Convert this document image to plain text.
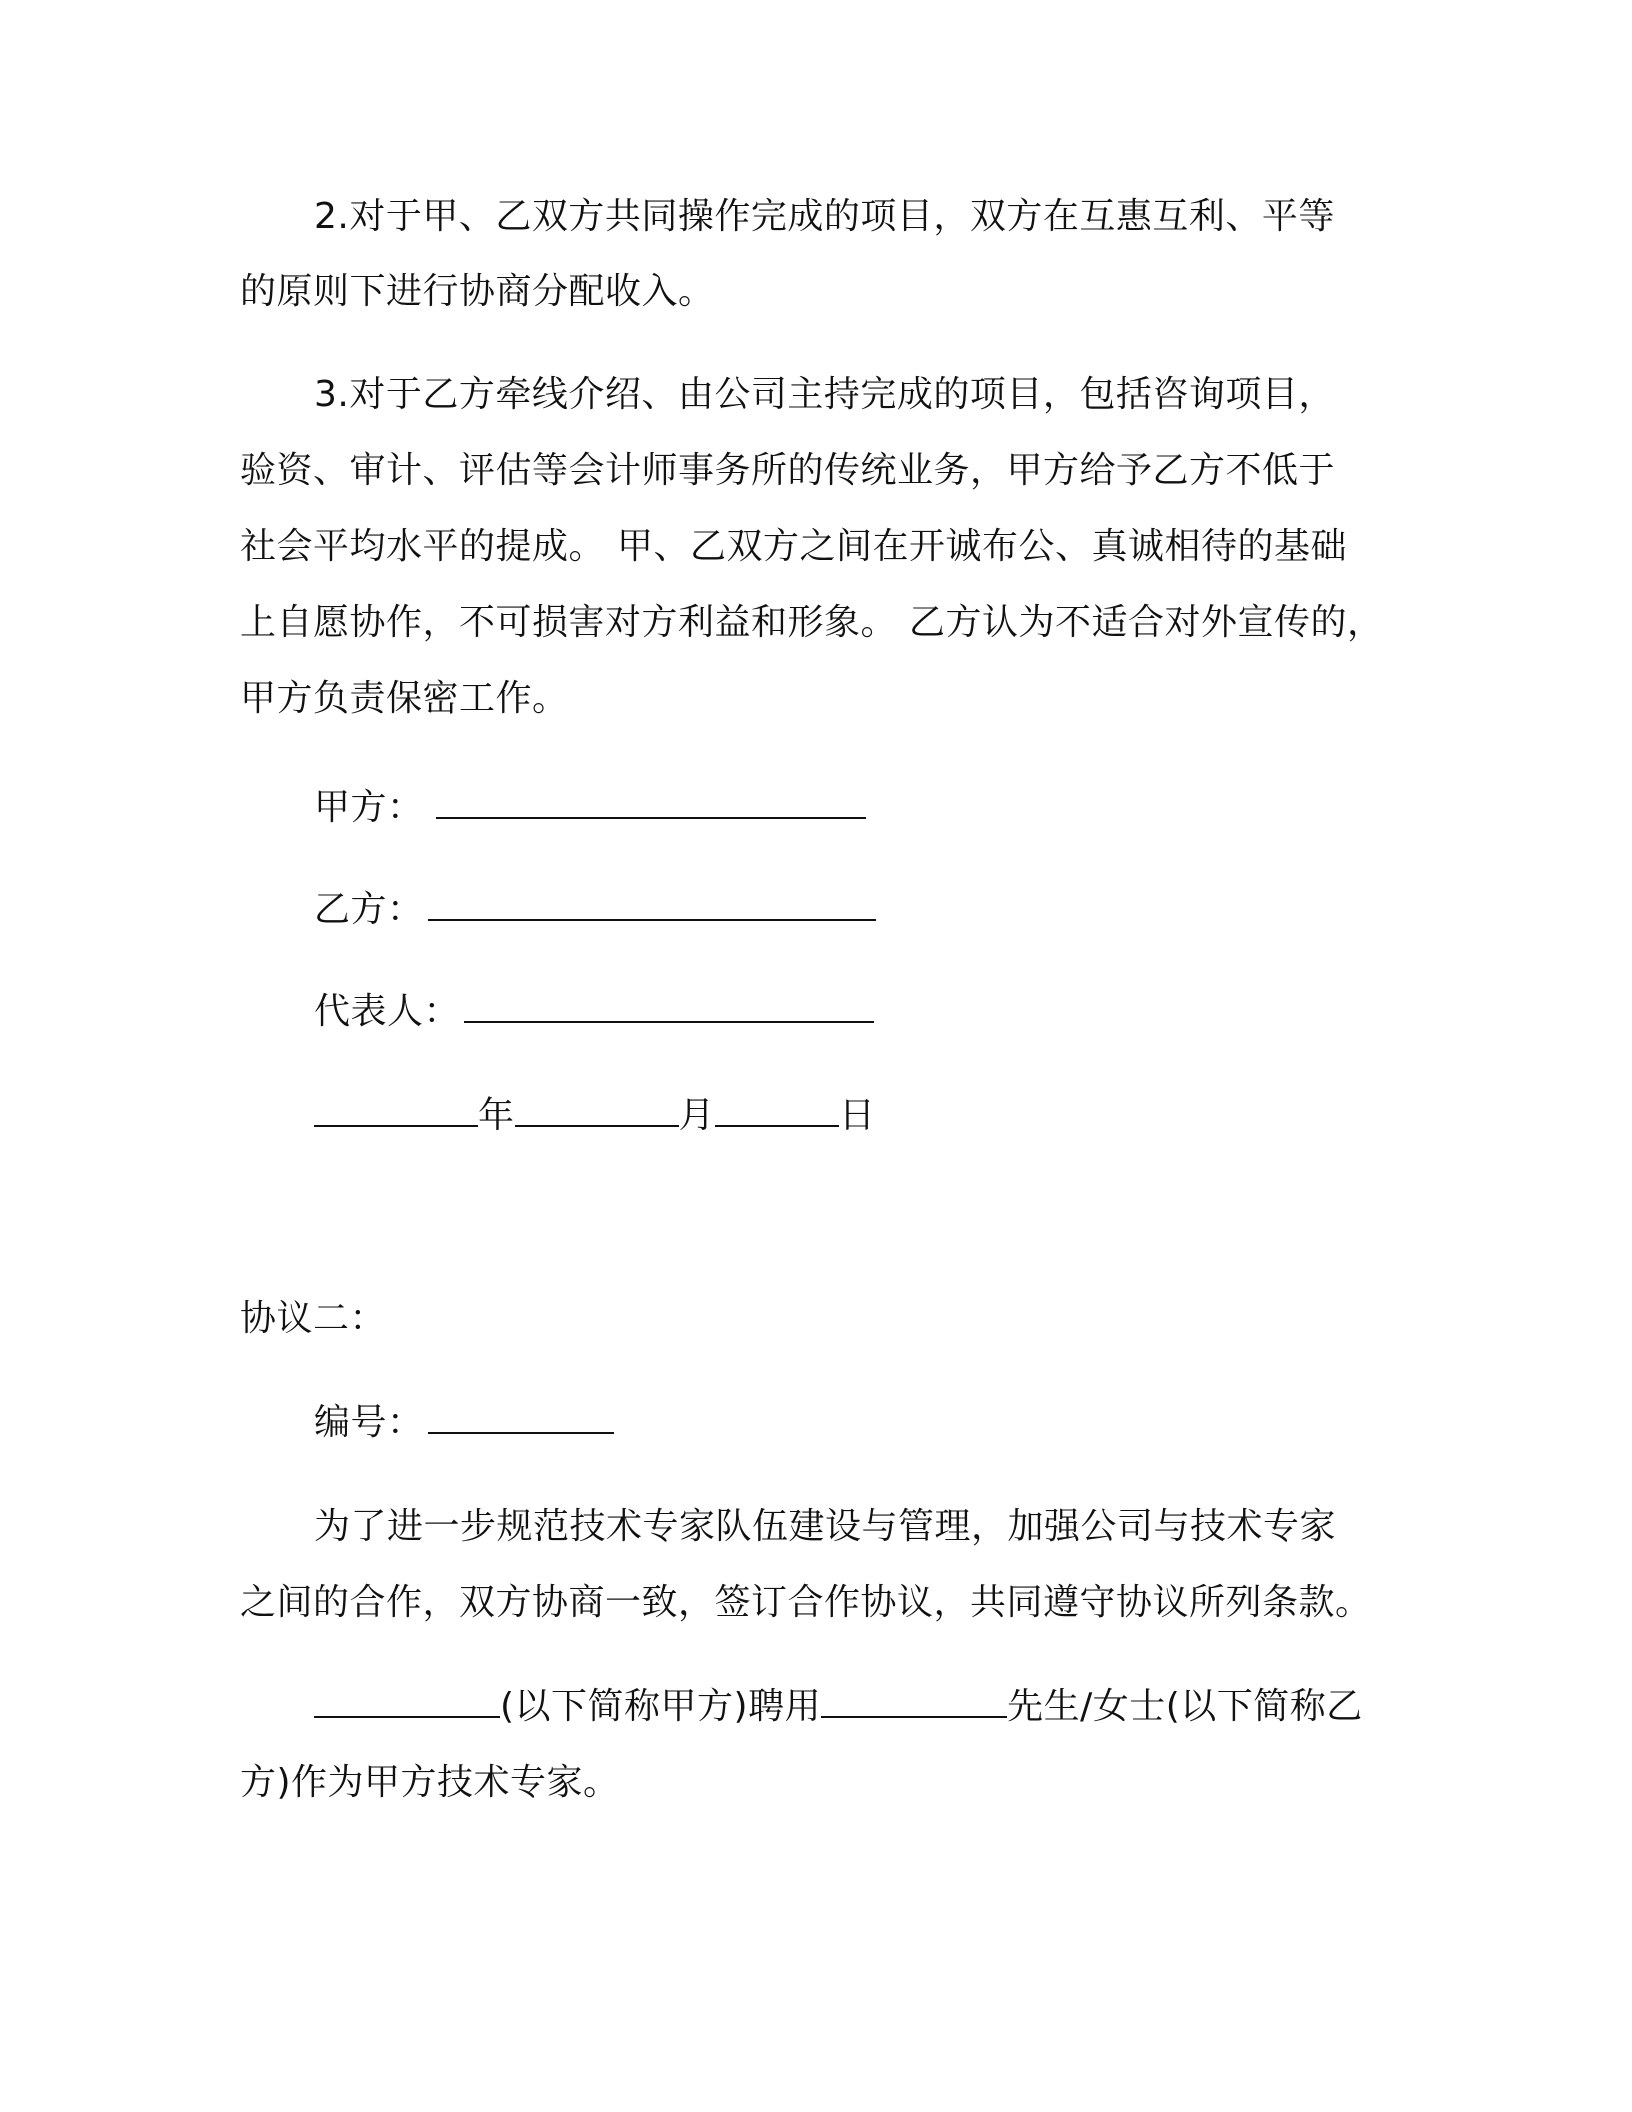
2.对于甲、乙双方共同操作完成的项目，双方在互惠互利、平等
的原则下进行协商分配收入。
3.对于乙方牵线介绍、由公司主持完成的项目，包括咨询项目，
验资、审计、评估等会计师事务所的传统业务，甲方给予乙方不低于
社会平均水平的提成。 甲、乙双方之间在开诚布公、真诚相待的基础
上自愿协作，不可损害对方利益和形象。 乙方认为不适合对外宣传的，
甲方负责保密工作。
甲方：
乙方：
代表人：
年	月	日
协议二：
编号：
为了进一步规范技术专家队伍建设与管理，加强公司与技术专家
之间的合作，双方协商一致，签订合作协议，共同遵守协议所列条款。
(以下简称甲方)聘用	先生/女士(以下简称乙
方)作为甲方技术专家。
